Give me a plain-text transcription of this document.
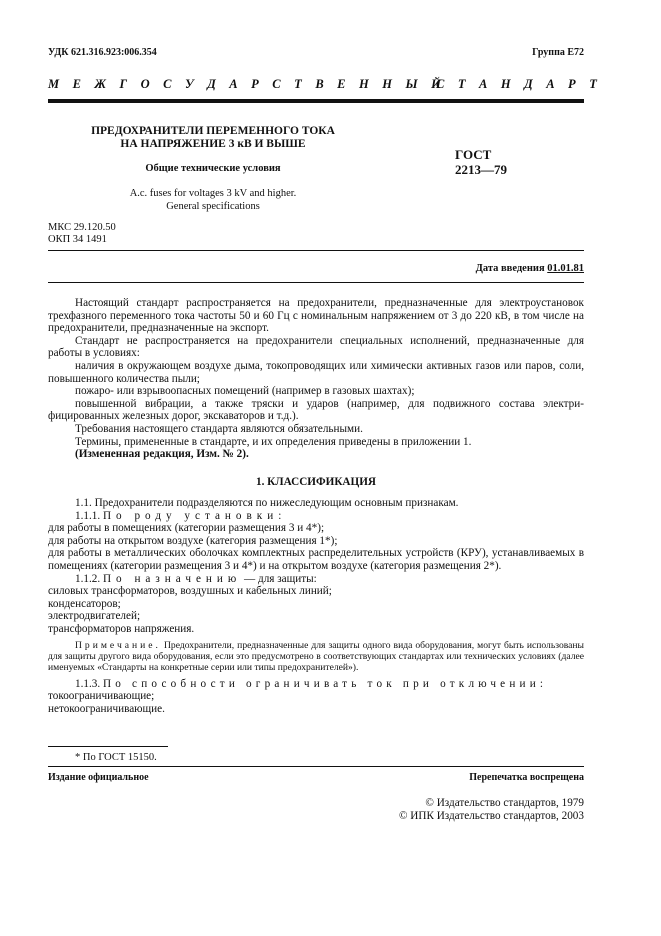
УДК 621.316.923:006.354	Группа Е72
М Е Ж Г О С У Д А Р С Т В Е Н Н Ы Й
С Т А Н Д А Р Т
ПРЕДОХРАНИТЕЛИ ПЕРЕМЕННОГО ТОКА
НА НАПРЯЖЕНИЕ 3 кВ И ВЫШЕ
Общие технические условия
A.c. fuses for voltages 3 kV and higher.
General specifications
ГОСТ
2213—79
МКС 29.120.50
ОКП 34 1491
Дата введения 01.01.81

Настоящий стандарт распространяется на предохранители, предназначенные для электроустановок трехфазного переменного тока частоты 50 и 60 Гц с номинальным напряжением от 3 до 220 кВ, в том числе на предохранители, предназначенные на экспорт.

Стандарт не распространяется на предохранители специальных исполнений, предназначенные для работы в условиях:

наличия в окружающем воздухе дыма, токопроводящих или химически активных газов или паров, соли, повышенного количества пыли;

пожаро- или взрывоопасных помещений (например в газовых шахтах);

повышенной вибрации, а также тряски и ударов (например, для подвижного состава электрифицированных железных дорог, экскаваторов и т.д.).

Требования настоящего стандарта являются обязательными.

Термины, примененные в стандарте, и их определения приведены в приложении 1.

(Измененная редакция, Изм. № 2).

1. КЛАССИФИКАЦИЯ

1.1. Предохранители подразделяются по нижеследующим основным признакам.

1.1.1. По роду установки:

для работы в помещениях (категории размещения 3 и 4*);

для работы на открытом воздухе (категория размещения 1*);

для работы в металлических оболочках комплектных распределительных устройств (КРУ), устанавливаемых в помещениях (категории размещения 3 и 4*) и на открытом воздухе (категория размещения 2*).

1.1.2. По назначению — для защиты:

силовых трансформаторов, воздушных и кабельных линий;

конденсаторов;

электродвигателей;

трансформаторов напряжения.

Примечание. Предохранители, предназначенные для защиты одного вида оборудования, могут быть использованы для защиты другого вида оборудования, если это предусмотрено в соответствующих стандартах или технических условиях (далее именуемых «Стандарты на конкретные серии или типы предохранителей»).

1.1.3. По способности ограничивать ток при отключении:

токоограничивающие;

нетокоограничивающие.

* По ГОСТ 15150.
Издание официальное	Перепечатка воспрещена
© Издательство стандартов, 1979
© ИПК Издательство стандартов, 2003
